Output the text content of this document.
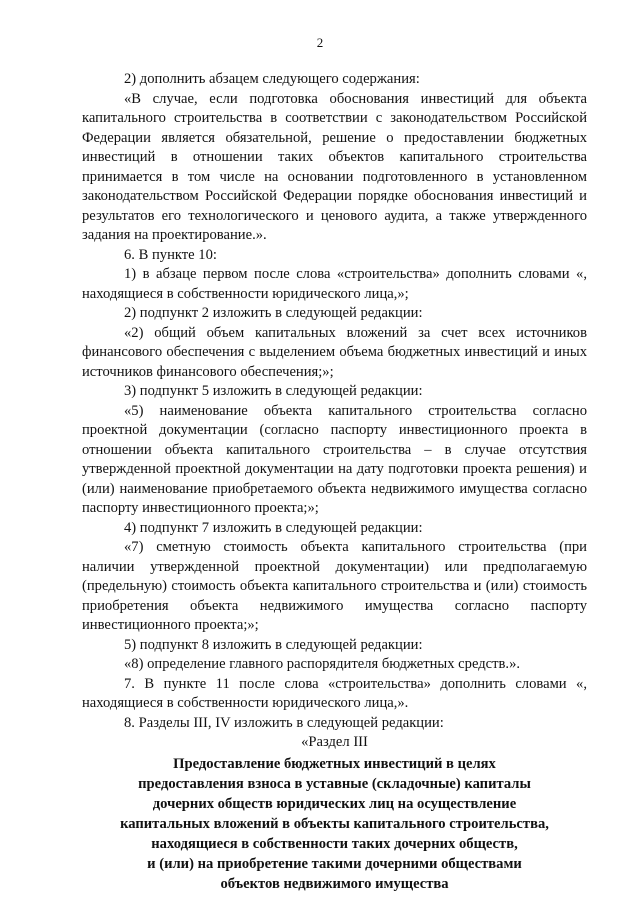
2

2) дополнить абзацем следующего содержания:

«В случае, если подготовка обоснования инвестиций для объекта капитального строительства в соответствии с законодательством Российской Федерации является обязательной, решение о предоставлении бюджетных инвестиций в отношении таких объектов капитального строительства принимается в том числе на основании подготовленного в установленном законодательством Российской Федерации порядке обоснования инвестиций и результатов его технологического и ценового аудита, а также утвержденного задания на проектирование.».

6. В пункте 10:

1) в абзаце первом после слова «строительства» дополнить словами «, находящиеся в собственности юридического лица,»;

2) подпункт 2 изложить в следующей редакции:

«2) общий объем капитальных вложений за счет всех источников финансового обеспечения с выделением объема бюджетных инвестиций и иных источников финансового обеспечения;»;

3) подпункт 5 изложить в следующей редакции:

«5) наименование объекта капитального строительства согласно проектной документации (согласно паспорту инвестиционного проекта в отношении объекта капитального строительства – в случае отсутствия утвержденной проектной документации на дату подготовки проекта решения) и (или) наименование приобретаемого объекта недвижимого имущества согласно паспорту инвестиционного проекта;»;

4) подпункт 7 изложить в следующей редакции:

«7) сметную стоимость объекта капитального строительства (при наличии утвержденной проектной документации) или предполагаемую (предельную) стоимость объекта капитального строительства и (или) стоимость приобретения объекта недвижимого имущества согласно паспорту инвестиционного проекта;»;

5) подпункт 8 изложить в следующей редакции:

«8) определение главного распорядителя бюджетных средств.».

7. В пункте 11 после слова «строительства» дополнить словами «, находящиеся в собственности юридического лица,».

8. Разделы III, IV изложить в следующей редакции:

«Раздел III

Предоставление бюджетных инвестиций в целях
предоставления взноса в уставные (складочные) капиталы
дочерних обществ юридических лиц на осуществление
капитальных вложений в объекты капитального строительства,
находящиеся в собственности таких дочерних обществ,
и (или) на приобретение такими дочерними обществами
объектов недвижимого имущества
